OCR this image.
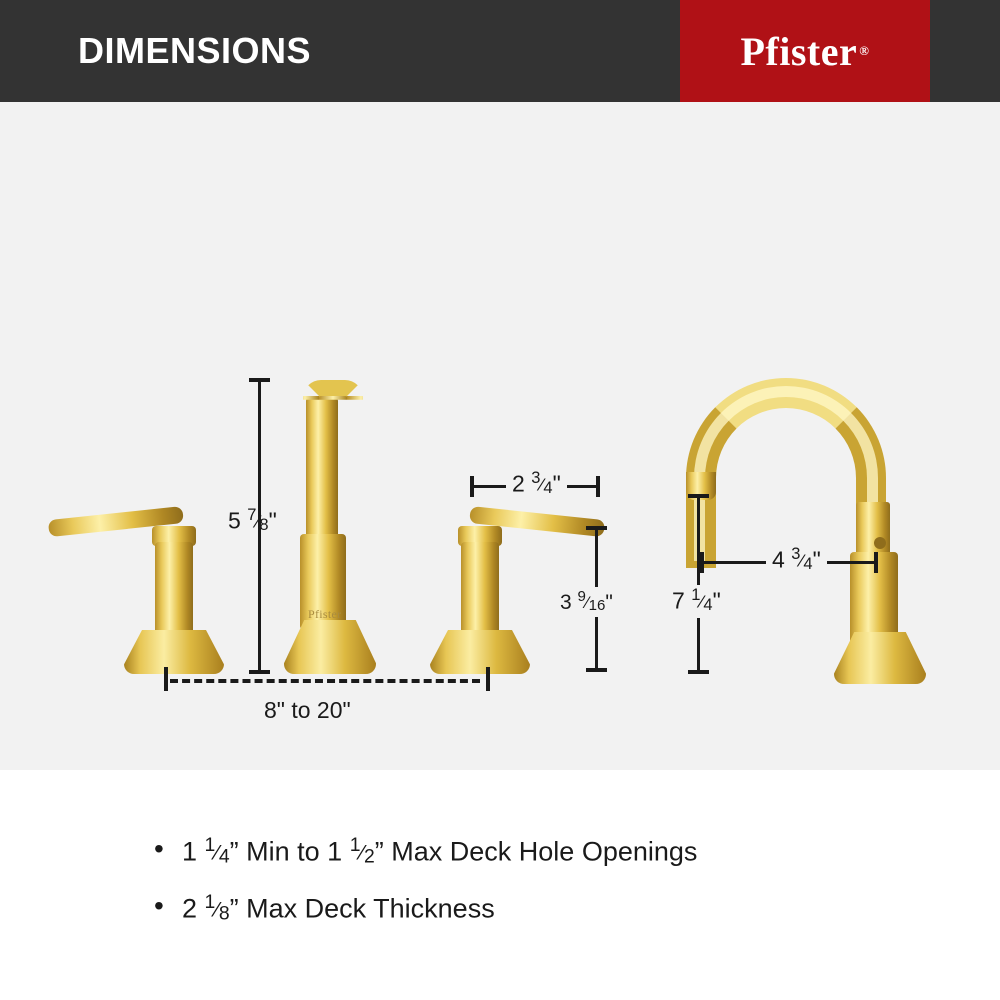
DIMENSIONS	Pfister ®
Pfister
5 $^7⁄_8$"
8" to 20"
2 $^3⁄_4$"
3 $^9⁄_{16}$"	7 $^1⁄_4$"
4 $^3⁄_4$"
• 1 $^1⁄_4$” Min to 1 $^1⁄_2$” Max Deck Hole Openings
• 2 $^1⁄_8$” Max Deck Thickness
